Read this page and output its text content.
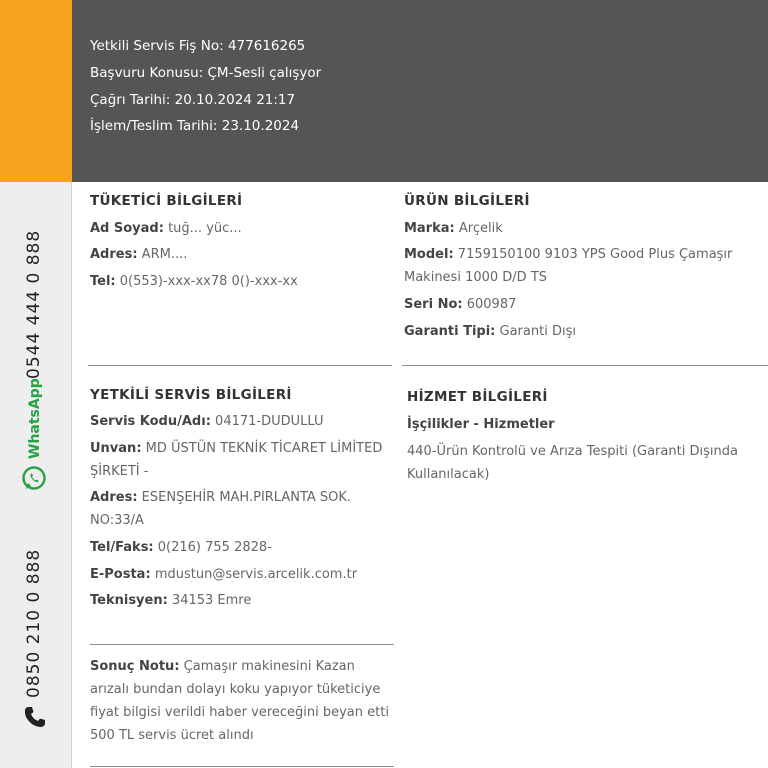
0544 444 0 888
WhatsApp
0850 210 0 888
Yetkili Servis Fiş No: 477616265
Başvuru Konusu: ÇM-Sesli çalışyor
Çağrı Tarihi: 20.10.2024 21:17
İşlem/Teslim Tarihi: 23.10.2024
TÜKETİCİ BİLGİLERİ
Ad Soyad: tuğ... yüc...
Adres: ARM....
Tel: 0(553)-xxx-xx78 0()-xxx-xx
ÜRÜN BİLGİLERİ
Marka: Arçelik
Model: 7159150100 9103 YPS Good Plus Çamaşır
Makinesi 1000 D/D TS
Seri No: 600987
Garanti Tipi: Garanti Dışı
YETKİLİ SERVİS BİLGİLERİ
Servis Kodu/Adı: 04171-DUDULLU
Unvan: MD ÜSTÜN TEKNİK TİCARET LİMİTED
ŞİRKETİ -
Adres: ESENŞEHİR MAH.PIRLANTA SOK.
NO:33/A
Tel/Faks: 0(216) 755 2828-
E-Posta: mdustun@servis.arcelik.com.tr
Teknisyen: 34153 Emre
HİZMET BİLGİLERİ
İşçilikler - Hizmetler
440-Ürün Kontrolü ve Arıza Tespiti (Garanti Dışında
Kullanılacak)
Sonuç Notu: Çamaşır makinesini Kazan
arızalı bundan dolayı koku yapıyor tüketiciye
fiyat bilgisi verildi haber vereceğini beyan etti
500 TL servis ücret alındı
